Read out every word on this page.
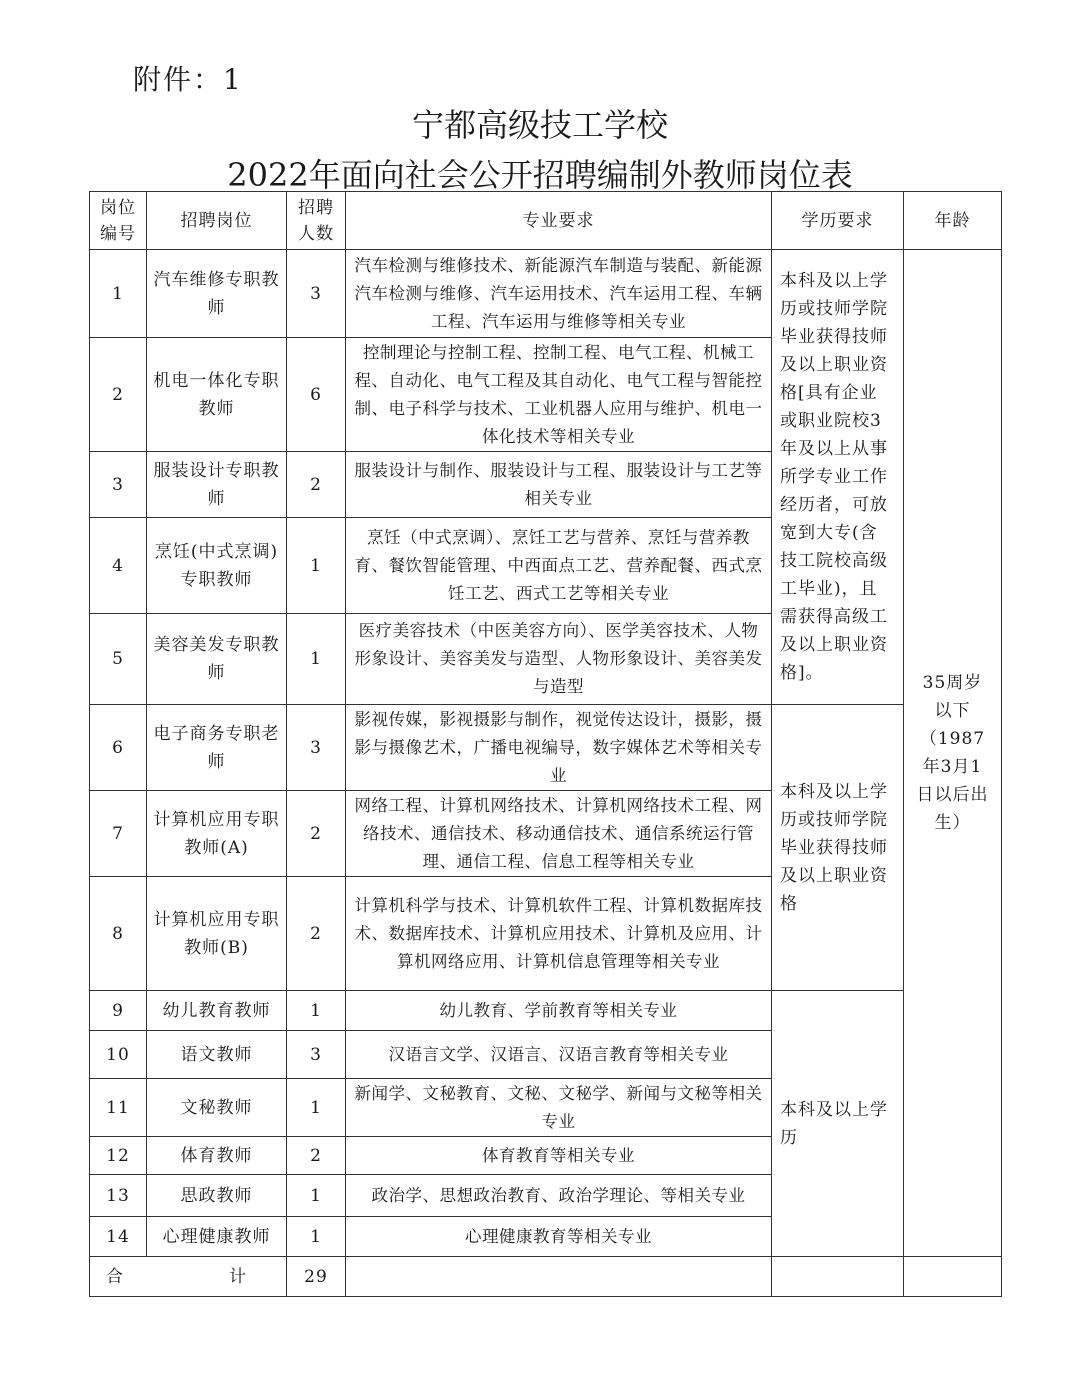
附件：1
宁都高级技工学校
2022年面向社会公开招聘编制外教师岗位表
岗位编号	招聘岗位	招聘人数	专业要求	学历要求	年龄
1	汽车维修专职教师	3	汽车检测与维修技术、新能源汽车制造与装配、新能源汽车检测与维修、汽车运用技术、汽车运用工程、车辆工程、汽车运用与维修等相关专业	本科及以上学历或技师学院毕业获得技师及以上职业资格[具有企业或职业院校3年及以上从事所学专业工作经历者，可放宽到大专(含技工院校高级工毕业)，且需获得高级工及以上职业资格]。	35周岁以下（1987年3月1日以后出生）
2	机电一体化专职教师	6	控制理论与控制工程、控制工程、电气工程、机械工程、自动化、电气工程及其自动化、电气工程与智能控制、电子科学与技术、工业机器人应用与维护、机电一体化技术等相关专业		
3	服装设计专职教师	2	服装设计与制作、服装设计与工程、服装设计与工艺等相关专业		
4	烹饪(中式烹调)专职教师	1	烹饪（中式烹调）、烹饪工艺与营养、烹饪与营养教育、餐饮智能管理、中西面点工艺、营养配餐、西式烹饪工艺、西式工艺等相关专业		
5	美容美发专职教师	1	医疗美容技术（中医美容方向）、医学美容技术、人物形象设计、美容美发与造型、人物形象设计、美容美发与造型		
6	电子商务专职老师	3	影视传媒，影视摄影与制作，视觉传达设计，摄影，摄影与摄像艺术，广播电视编导，数字媒体艺术等相关专业	本科及以上学历或技师学院毕业获得技师及以上职业资格	
7	计算机应用专职教师(A)	2	网络工程、计算机网络技术、计算机网络技术工程、网络技术、通信技术、移动通信技术、通信系统运行管理、通信工程、信息工程等相关专业		
8	计算机应用专职教师(B)	2	计算机科学与技术、计算机软件工程、计算机数据库技术、数据库技术、计算机应用技术、计算机及应用、计算机网络应用、计算机信息管理等相关专业		
9	幼儿教育教师	1	幼儿教育、学前教育等相关专业	本科及以上学历	
10	语文教师	3	汉语言文学、汉语言、汉语言教育等相关专业		
11	文秘教师	1	新闻学、文秘教育、文秘、文秘学、新闻与文秘等相关专业		
12	体育教师	2	体育教育等相关专业		
13	思政教师	1	政治学、思想政治教育、政治学理论、等相关专业		
14	心理健康教师	1	心理健康教育等相关专业		
合　　计		29			
